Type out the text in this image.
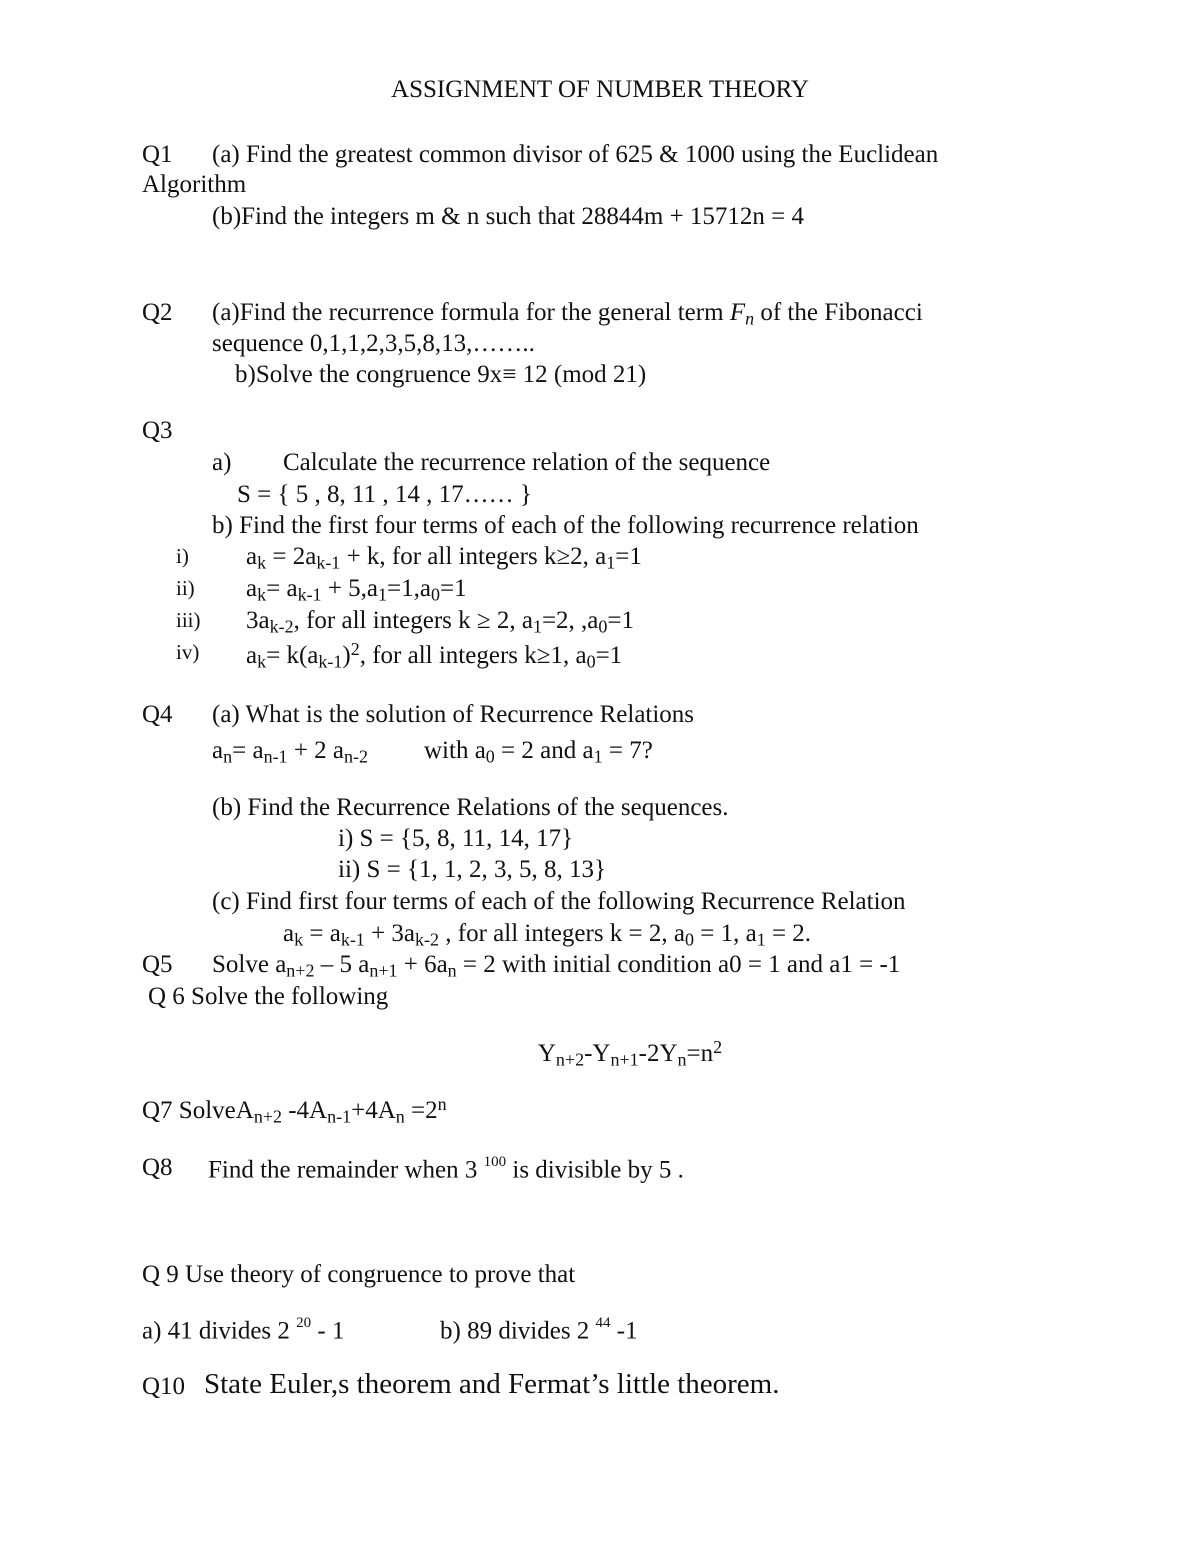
ASSIGNMENT OF NUMBER THEORY
Q1 (a) Find the greatest common divisor of 625 & 1000 using the Euclidean
Algorithm
(b)Find the integers m & n such that 28844m + 15712n = 4
Q2 (a)Find the recurrence formula for the general term Fn of the Fibonacci
sequence 0,1,1,2,3,5,8,13,……..
b)Solve the congruence 9x≡ 12 (mod 21)
Q3
a) Calculate the recurrence relation of the sequence
S = { 5 , 8, 11 , 14 , 17…… }
b) Find the first four terms of each of the following recurrence relation
i) ak = 2ak-1 + k, for all integers k≥2, a1=1
ii) ak= ak-1 + 5,a1=1,a0=1
iii) 3ak-2, for all integers k ≥ 2, a1=2, ,a0=1
iv) $ak= k(ak-1)^2$, for all integers k≥1, a0=1
Q4 (a) What is the solution of Recurrence Relations
an= an-1 + 2 an-2 with a0 = 2 and a1 = 7?
(b) Find the Recurrence Relations of the sequences.
i) S = {5, 8, 11, 14, 17}
ii) S = {1, 1, 2, 3, 5, 8, 13}
(c) Find first four terms of each of the following Recurrence Relation
ak = ak-1 + 3ak-2 , for all integers k = 2, a0 = 1, a1 = 2.
Q5 Solve an+2 – 5 an+1 + 6an = 2 with initial condition a0 = 1 and a1 = -1
Q 6 Solve the following
$Yn+2-Yn+1-2Yn=n^2$
Q7 SolveAn+2 $-4An-1+4An =2^n$
Q8 Find the remainder when 3 $^{100}$ is divisible by 5 .
Q 9 Use theory of congruence to prove that
a) 41 divides 2 $^{20}$ - 1	b) 89 divides 2 $^{44}$ -1
Q10 State Euler,s theorem and Fermat’s little theorem.
